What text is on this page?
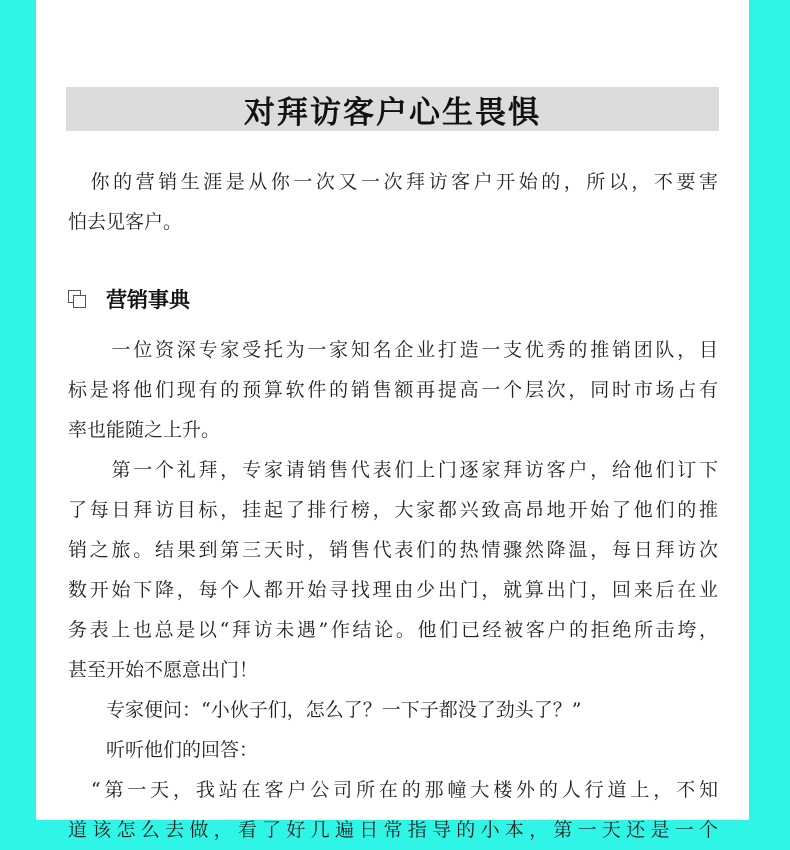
对拜访客户心生畏惧
　你的营销生涯是从你一次又一次拜访客户开始的，所以，不要害
怕去见客户。
营销事典
　　一位资深专家受托为一家知名企业打造一支优秀的推销团队，目
标是将他们现有的预算软件的销售额再提高一个层次，同时市场占有
率也能随之上升。
　　第一个礼拜，专家请销售代表们上门逐家拜访客户，给他们订下
了每日拜访目标，挂起了排行榜，大家都兴致高昂地开始了他们的推
销之旅。结果到第三天时，销售代表们的热情骤然降温，每日拜访次
数开始下降，每个人都开始寻找理由少出门，就算出门，回来后在业
务表上也总是以“拜访未遇”作结论。他们已经被客户的拒绝所击垮，
甚至开始不愿意出门！
　　专家便问：“小伙子们，怎么了？一下子都没了劲头了？”
　　听听他们的回答：
　“第一天，我站在客户公司所在的那幢大楼外的人行道上，不知
道该怎么去做，看了好几遍日常指导的小本，第一天还是一个
